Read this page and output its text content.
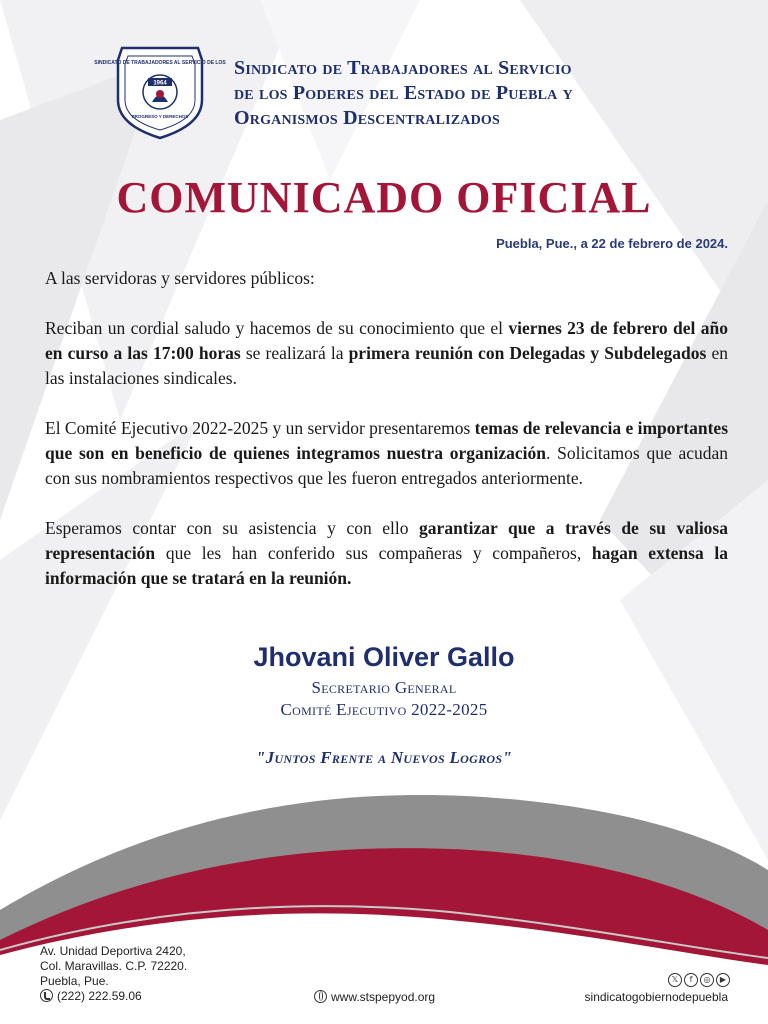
SINDICATO DE TRABAJADORES AL SERVICIO DE LOS
1964
PROGRESO Y DERECHOS
Sindicato de Trabajadores al Servicio
de los Poderes del Estado de Puebla y
Organismos Descentralizados
COMUNICADO OFICIAL
Puebla, Pue., a 22 de febrero de 2024.

A las servidoras y servidores públicos:

Reciban un cordial saludo y hacemos de su conocimiento que el viernes 23 de febrero del año en curso a las 17:00 horas se realizará la primera reunión con Delegadas y Subdelegados en las instalaciones sindicales.

El Comité Ejecutivo 2022-2025 y un servidor presentaremos temas de relevancia e importantes que son en beneficio de quienes integramos nuestra organización. Solicitamos que acudan con sus nombramientos respectivos que les fueron entregados anteriormente.

Esperamos contar con su asistencia y con ello garantizar que a través de su valiosa representación que les han conferido sus compañeras y compañeros, hagan extensa la información que se tratará en la reunión.

Jhovani Oliver Gallo
Secretario General
Comité Ejecutivo 2022-2025
"Juntos Frente a Nuevos Logros"
Av. Unidad Deportiva 2420,
Col. Maravillas. C.P. 72220.
Puebla, Pue.
(222) 222.59.06	www.stspepyod.org
𝕏 f ◎ ▶
sindicatogobiernodepuebla
